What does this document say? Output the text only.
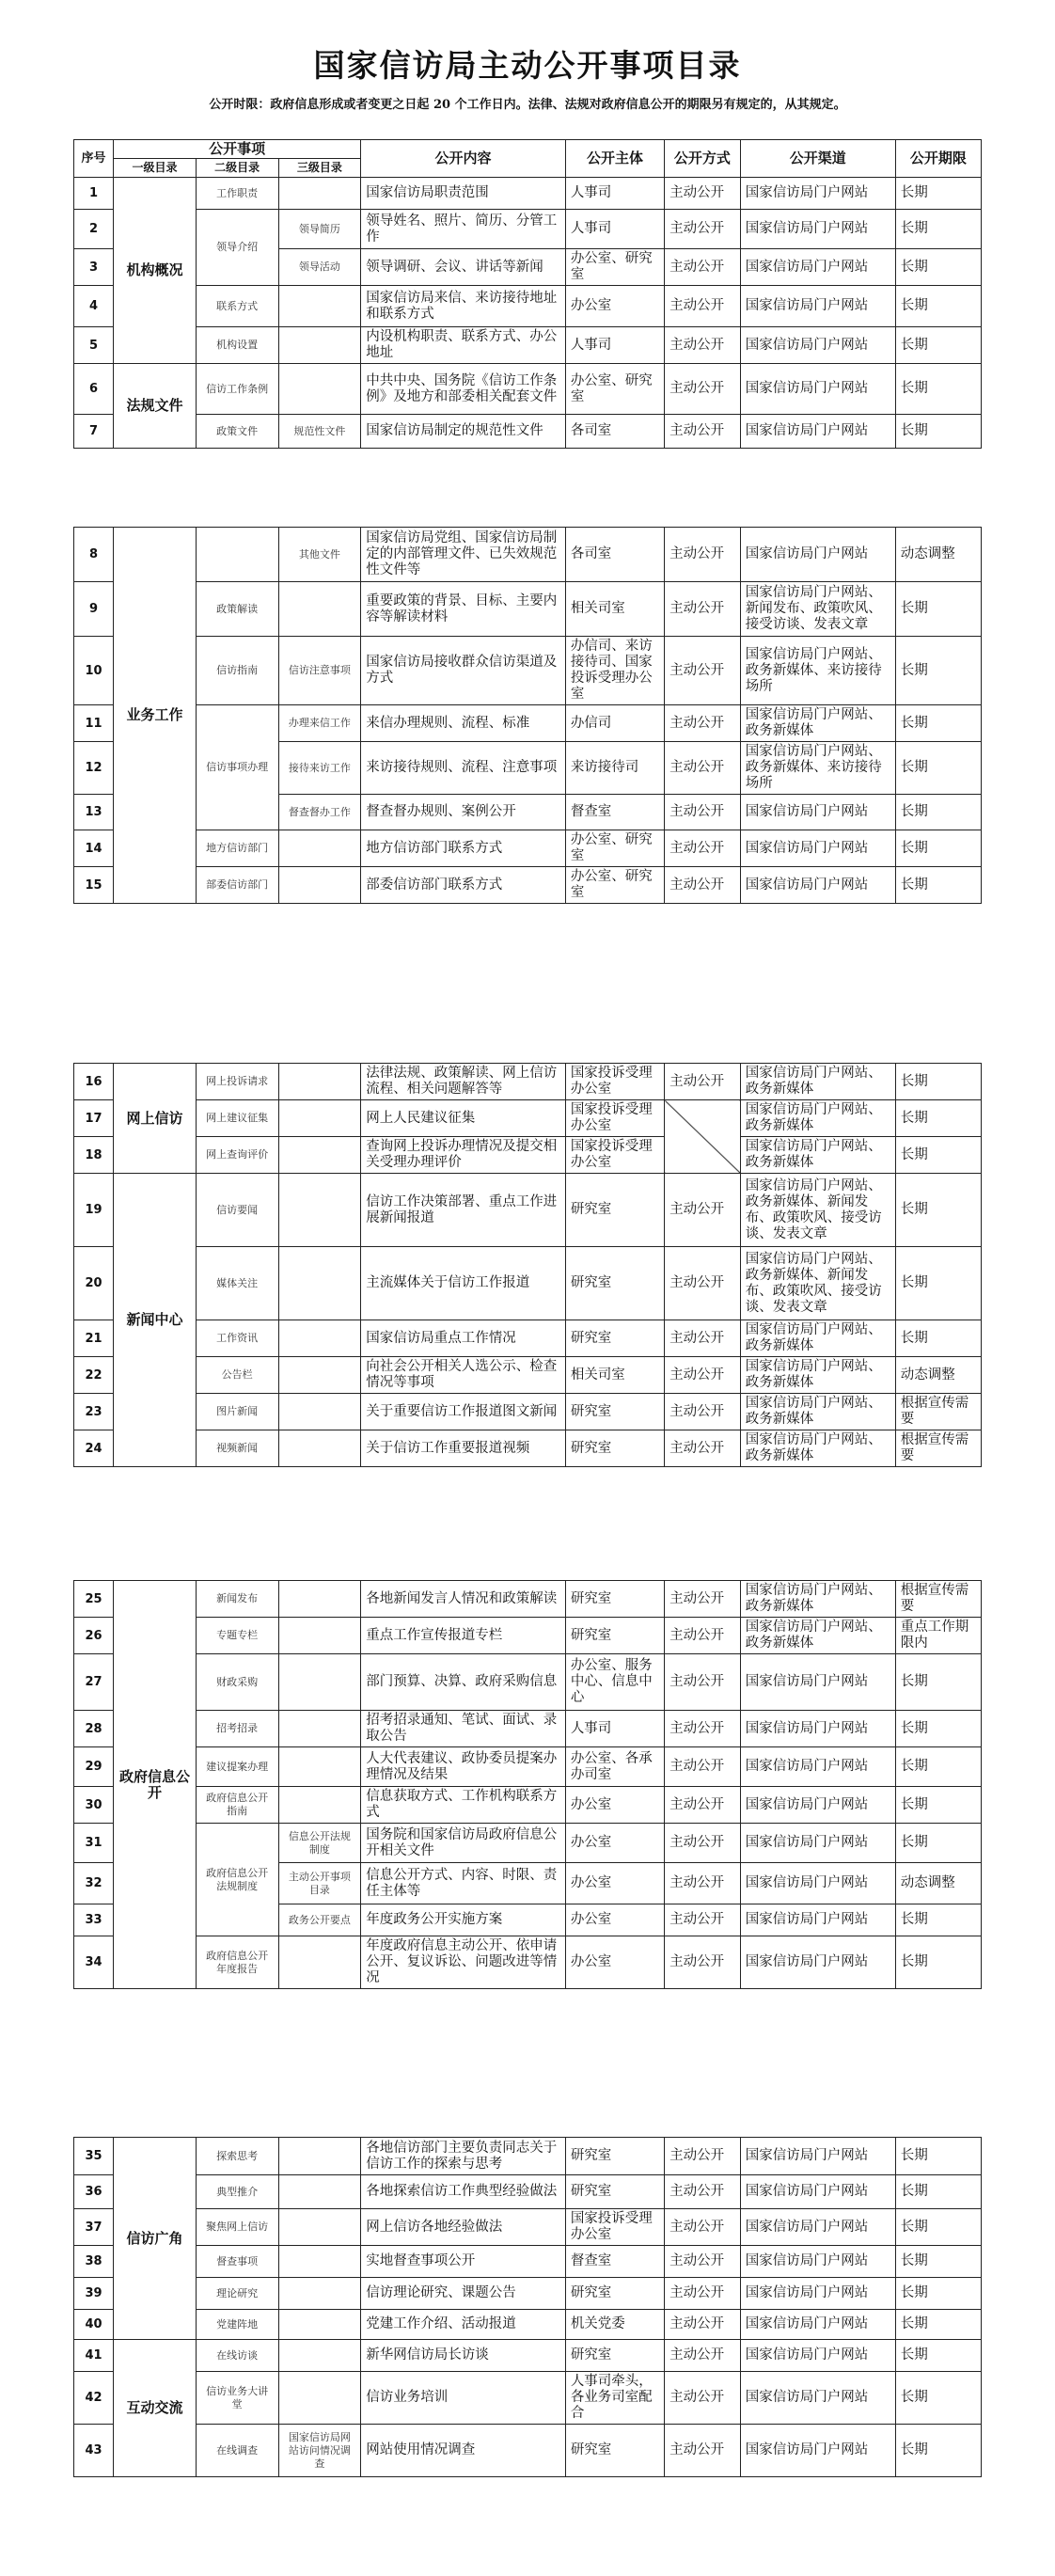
国家信访局主动公开事项目录
公开时限：政府信息形成或者变更之日起 20 个工作日内。法律、法规对政府信息公开的期限另有规定的，从其规定。
序号	公开事项			公开内容	公开主体	公开方式	公开渠道	公开期限
	一级目录	二级目录	三级目录					
1	机构概况	工作职责		国家信访局职责范围	人事司	主动公开	国家信访局门户网站	长期
2		领导介绍	领导简历	领导姓名、照片、简历、分管工作	人事司	主动公开	国家信访局门户网站	长期
3			领导活动	领导调研、会议、讲话等新闻	办公室、研究室	主动公开	国家信访局门户网站	长期
4		联系方式		国家信访局来信、来访接待地址和联系方式	办公室	主动公开	国家信访局门户网站	长期
5		机构设置		内设机构职责、联系方式、办公地址	人事司	主动公开	国家信访局门户网站	长期
6	法规文件	信访工作条例		中共中央、国务院《信访工作条例》及地方和部委相关配套文件	办公室、研究室	主动公开	国家信访局门户网站	长期
7		政策文件	规范性文件	国家信访局制定的规范性文件	各司室	主动公开	国家信访局门户网站	长期
8	业务工作		其他文件	国家信访局党组、国家信访局制定的内部管理文件、已失效规范性文件等	各司室	主动公开	国家信访局门户网站	动态调整
9		政策解读		重要政策的背景、目标、主要内容等解读材料	相关司室	主动公开	国家信访局门户网站、新闻发布、政策吹风、接受访谈、发表文章	长期
10		信访指南	信访注意事项	国家信访局接收群众信访渠道及方式	办信司、来访接待司、国家投诉受理办公室	主动公开	国家信访局门户网站、政务新媒体、来访接待场所	长期
11		信访事项办理	办理来信工作	来信办理规则、流程、标准	办信司	主动公开	国家信访局门户网站、政务新媒体	长期
12			接待来访工作	来访接待规则、流程、注意事项	来访接待司	主动公开	国家信访局门户网站、政务新媒体、来访接待场所	长期
13			督查督办工作	督查督办规则、案例公开	督查室	主动公开	国家信访局门户网站	长期
14		地方信访部门		地方信访部门联系方式	办公室、研究室	主动公开	国家信访局门户网站	长期
15		部委信访部门		部委信访部门联系方式	办公室、研究室	主动公开	国家信访局门户网站	长期
16	网上信访	网上投诉请求		法律法规、政策解读、网上信访流程、相关问题解答等	国家投诉受理办公室	主动公开	国家信访局门户网站、政务新媒体	长期
17		网上建议征集		网上人民建议征集	国家投诉受理办公室		国家信访局门户网站、政务新媒体	长期
18		网上查询评价		查询网上投诉办理情况及提交相关受理办理评价	国家投诉受理办公室		国家信访局门户网站、政务新媒体	长期
19	新闻中心	信访要闻		信访工作决策部署、重点工作进展新闻报道	研究室	主动公开	国家信访局门户网站、政务新媒体、新闻发布、政策吹风、接受访谈、发表文章	长期
20		媒体关注		主流媒体关于信访工作报道	研究室	主动公开	国家信访局门户网站、政务新媒体、新闻发布、政策吹风、接受访谈、发表文章	长期
21		工作资讯		国家信访局重点工作情况	研究室	主动公开	国家信访局门户网站、政务新媒体	长期
22		公告栏		向社会公开相关人选公示、检查情况等事项	相关司室	主动公开	国家信访局门户网站、政务新媒体	动态调整
23		图片新闻		关于重要信访工作报道图文新闻	研究室	主动公开	国家信访局门户网站、政务新媒体	根据宣传需要
24		视频新闻		关于信访工作重要报道视频	研究室	主动公开	国家信访局门户网站、政务新媒体	根据宣传需要
25	政府信息公开	新闻发布		各地新闻发言人情况和政策解读	研究室	主动公开	国家信访局门户网站、政务新媒体	根据宣传需要
26		专题专栏		重点工作宣传报道专栏	研究室	主动公开	国家信访局门户网站、政务新媒体	重点工作期限内
27		财政采购		部门预算、决算、政府采购信息	办公室、服务中心、信息中心	主动公开	国家信访局门户网站	长期
28		招考招录		招考招录通知、笔试、面试、录取公告	人事司	主动公开	国家信访局门户网站	长期
29		建议提案办理		人大代表建议、政协委员提案办理情况及结果	办公室、各承办司室	主动公开	国家信访局门户网站	长期
30		政府信息公开指南		信息获取方式、工作机构联系方式	办公室	主动公开	国家信访局门户网站	长期
31		政府信息公开法规制度	信息公开法规制度	国务院和国家信访局政府信息公开相关文件	办公室	主动公开	国家信访局门户网站	长期
32			主动公开事项目录	信息公开方式、内容、时限、责任主体等	办公室	主动公开	国家信访局门户网站	动态调整
33			政务公开要点	年度政务公开实施方案	办公室	主动公开	国家信访局门户网站	长期
34		政府信息公开年度报告		年度政府信息主动公开、依申请公开、复议诉讼、问题改进等情况	办公室	主动公开	国家信访局门户网站	长期
35	信访广角	探索思考		各地信访部门主要负责同志关于信访工作的探索与思考	研究室	主动公开	国家信访局门户网站	长期
36		典型推介		各地探索信访工作典型经验做法	研究室	主动公开	国家信访局门户网站	长期
37		聚焦网上信访		网上信访各地经验做法	国家投诉受理办公室	主动公开	国家信访局门户网站	长期
38		督查事项		实地督查事项公开	督查室	主动公开	国家信访局门户网站	长期
39		理论研究		信访理论研究、课题公告	研究室	主动公开	国家信访局门户网站	长期
40		党建阵地		党建工作介绍、活动报道	机关党委	主动公开	国家信访局门户网站	长期
41	互动交流	在线访谈		新华网信访局长访谈	研究室	主动公开	国家信访局门户网站	长期
42		信访业务大讲堂		信访业务培训	人事司牵头，各业务司室配合	主动公开	国家信访局门户网站	长期
43		在线调查	国家信访局网站访问情况调查	网站使用情况调查	研究室	主动公开	国家信访局门户网站	长期
